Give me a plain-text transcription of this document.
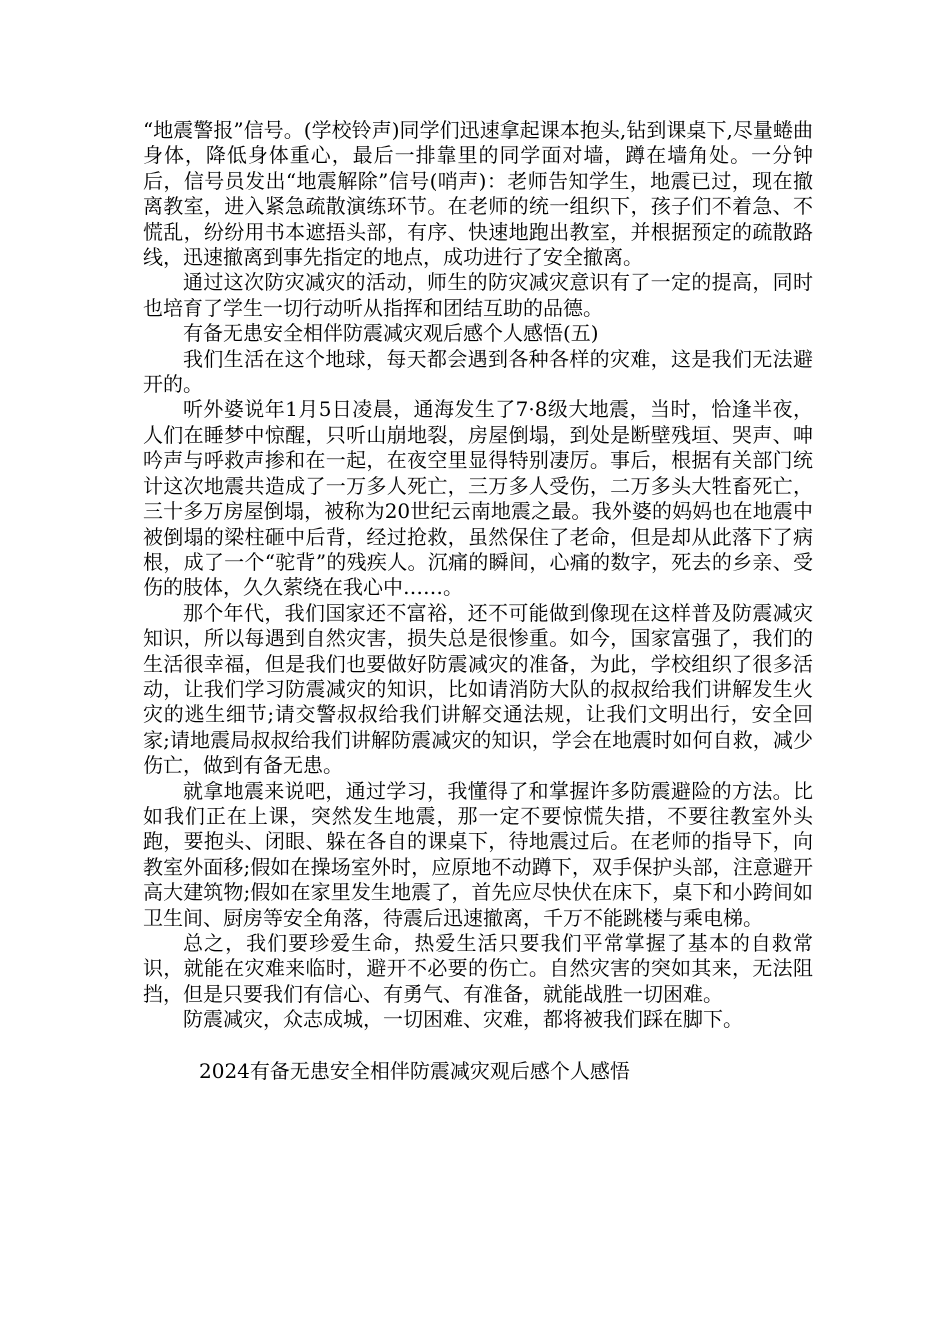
“地震警报”信号。(学校铃声)同学们迅速拿起课本抱头,钻到课桌下,尽量蜷曲身体，降低身体重心，最后一排靠里的同学面对墙，蹲在墙角处。一分钟后，信号员发出“地震解除”信号(哨声)：老师告知学生，地震已过，现在撤离教室，进入紧急疏散演练环节。在老师的统一组织下，孩子们不着急、不慌乱，纷纷用书本遮捂头部，有序、快速地跑出教室，并根据预定的疏散路线，迅速撤离到事先指定的地点，成功进行了安全撤离。

通过这次防灾减灾的活动，师生的防灾减灾意识有了一定的提高，同时也培育了学生一切行动听从指挥和团结互助的品德。

有备无患安全相伴防震减灾观后感个人感悟(五)

我们生活在这个地球，每天都会遇到各种各样的灾难，这是我们无法避开的。

听外婆说年1月5日凌晨，通海发生了7·8级大地震，当时，恰逢半夜，人们在睡梦中惊醒，只听山崩地裂，房屋倒塌，到处是断壁残垣、哭声、呻吟声与呼救声掺和在一起，在夜空里显得特别凄厉。事后，根据有关部门统计这次地震共造成了一万多人死亡，三万多人受伤，二万多头大牲畜死亡，三十多万房屋倒塌，被称为20世纪云南地震之最。我外婆的妈妈也在地震中被倒塌的梁柱砸中后背，经过抢救，虽然保住了老命，但是却从此落下了病根，成了一个“驼背”的残疾人。沉痛的瞬间，心痛的数字，死去的乡亲、受伤的肢体，久久萦绕在我心中……。

那个年代，我们国家还不富裕，还不可能做到像现在这样普及防震减灾知识，所以每遇到自然灾害，损失总是很惨重。如今，国家富强了，我们的生活很幸福，但是我们也要做好防震减灾的准备，为此，学校组织了很多活动，让我们学习防震减灾的知识，比如请消防大队的叔叔给我们讲解发生火灾的逃生细节;请交警叔叔给我们讲解交通法规，让我们文明出行，安全回家;请地震局叔叔给我们讲解防震减灾的知识，学会在地震时如何自救，减少伤亡，做到有备无患。

就拿地震来说吧，通过学习，我懂得了和掌握许多防震避险的方法。比如我们正在上课，突然发生地震，那一定不要惊慌失措，不要往教室外头跑，要抱头、闭眼、躲在各自的课桌下，待地震过后。在老师的指导下，向教室外面移;假如在操场室外时，应原地不动蹲下，双手保护头部，注意避开高大建筑物;假如在家里发生地震了，首先应尽快伏在床下，桌下和小跨间如卫生间、厨房等安全角落，待震后迅速撤离，千万不能跳楼与乘电梯。

总之，我们要珍爱生命，热爱生活只要我们平常掌握了基本的自救常识，就能在灾难来临时，避开不必要的伤亡。自然灾害的突如其来，无法阻挡，但是只要我们有信心、有勇气、有准备，就能战胜一切困难。

防震减灾，众志成城，一切困难、灾难，都将被我们踩在脚下。

2024有备无患安全相伴防震减灾观后感个人感悟
